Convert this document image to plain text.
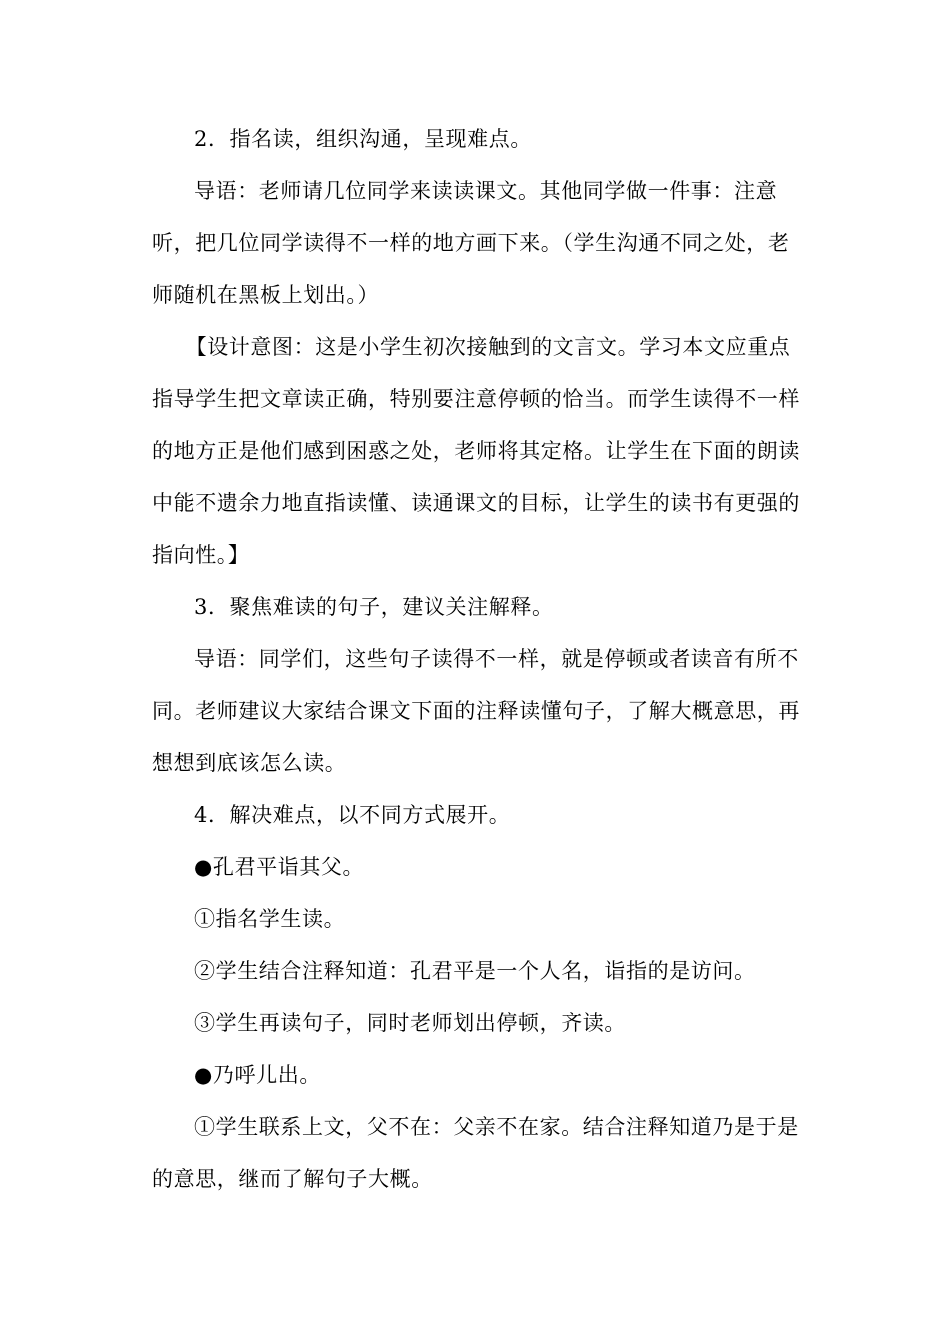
2．指名读，组织沟通，呈现难点。

导语：老师请几位同学来读读课文。其他同学做一件事：注意听，把几位同学读得不一样的地方画下来。（学生沟通不同之处，老师随机在黑板上划出。）

【设计意图：这是小学生初次接触到的文言文。学习本文应重点指导学生把文章读正确，特别要注意停顿的恰当。而学生读得不一样的地方正是他们感到困惑之处，老师将其定格。让学生在下面的朗读中能不遗余力地直指读懂、读通课文的目标，让学生的读书有更强的指向性。】

3．聚焦难读的句子，建议关注解释。

导语：同学们，这些句子读得不一样，就是停顿或者读音有所不同。老师建议大家结合课文下面的注释读懂句子，了解大概意思，再想想到底该怎么读。

4．解决难点，以不同方式展开。

●孔君平诣其父。

①指名学生读。

②学生结合注释知道：孔君平是一个人名，诣指的是访问。

③学生再读句子，同时老师划出停顿，齐读。

●乃呼儿出。

①学生联系上文，父不在：父亲不在家。结合注释知道乃是于是的意思，继而了解句子大概。
